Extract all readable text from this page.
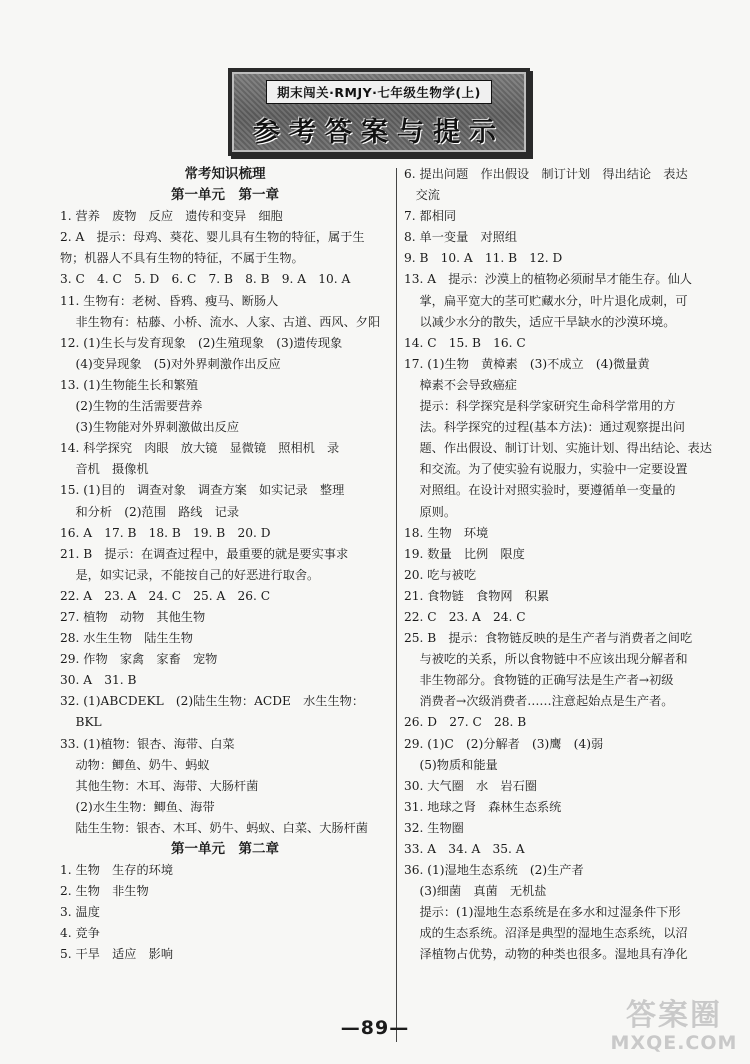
期末闯关·RMJY·七年级生物学(上)
参考答案与提示
常考知识梳理
第一单元　第一章
1. 营养　废物　反应　遗传和变异　细胞
2. A　提示：母鸡、葵花、婴儿具有生物的特征，属于生
物；机器人不具有生物的特征，不属于生物。
3. C　4. C　5. D　6. C　7. B　8. B　9. A　10. A
11. 生物有：老树、昏鸦、瘦马、断肠人
非生物有：枯藤、小桥、流水、人家、古道、西风、夕阳
12. (1)生长与发育现象　(2)生殖现象　(3)遗传现象
(4)变异现象　(5)对外界刺激作出反应
13. (1)生物能生长和繁殖
(2)生物的生活需要营养
(3)生物能对外界刺激做出反应
14. 科学探究　肉眼　放大镜　显微镜　照相机　录
音机　摄像机
15. (1)目的　调查对象　调查方案　如实记录　整理
和分析　(2)范围　路线　记录
16. A　17. B　18. B　19. B　20. D
21. B　提示：在调查过程中，最重要的就是要实事求
是，如实记录，不能按自己的好恶进行取舍。
22. A　23. A　24. C　25. A　26. C
27. 植物　动物　其他生物
28. 水生生物　陆生生物
29. 作物　家禽　家畜　宠物
30. A　31. B
32. (1)ABCDEKL　(2)陆生生物：ACDE　水生生物：
BKL
33. (1)植物：银杏、海带、白菜
动物：鲫鱼、奶牛、蚂蚁
其他生物：木耳、海带、大肠杆菌
(2)水生生物：鲫鱼、海带
陆生生物：银杏、木耳、奶牛、蚂蚁、白菜、大肠杆菌
第一单元　第二章
1. 生物　生存的环境
2. 生物　非生物
3. 温度
4. 竞争
5. 干旱　适应　影响
6. 提出问题　作出假设　制订计划　得出结论　表达
交流
7. 都相同
8. 单一变量　对照组
9. B　10. A　11. B　12. D
13. A　提示：沙漠上的植物必须耐旱才能生存。仙人
掌，扁平宽大的茎可贮藏水分，叶片退化成刺，可
以减少水分的散失，适应干旱缺水的沙漠环境。
14. C　15. B　16. C
17. (1)生物　黄樟素　(3)不成立　(4)微量黄
樟素不会导致癌症
提示：科学探究是科学家研究生命科学常用的方
法。科学探究的过程(基本方法)：通过观察提出问
题、作出假设、制订计划、实施计划、得出结论、表达
和交流。为了使实验有说服力，实验中一定要设置
对照组。在设计对照实验时，要遵循单一变量的
原则。
18. 生物　环境
19. 数量　比例　限度
20. 吃与被吃
21. 食物链　食物网　积累
22. C　23. A　24. C
25. B　提示：食物链反映的是生产者与消费者之间吃
与被吃的关系，所以食物链中不应该出现分解者和
非生物部分。食物链的正确写法是生产者→初级
消费者→次级消费者……注意起始点是生产者。
26. D　27. C　28. B
29. (1)C　(2)分解者　(3)鹰　(4)弱
(5)物质和能量
30. 大气圈　水　岩石圈
31. 地球之肾　森林生态系统
32. 生物圈
33. A　34. A　35. A
36. (1)湿地生态系统　(2)生产者
(3)细菌　真菌　无机盐
提示：(1)湿地生态系统是在多水和过湿条件下形
成的生态系统。沼泽是典型的湿地生态系统，以沼
泽植物占优势，动物的种类也很多。湿地具有净化
—89—	答案圈
MXQE.COM
